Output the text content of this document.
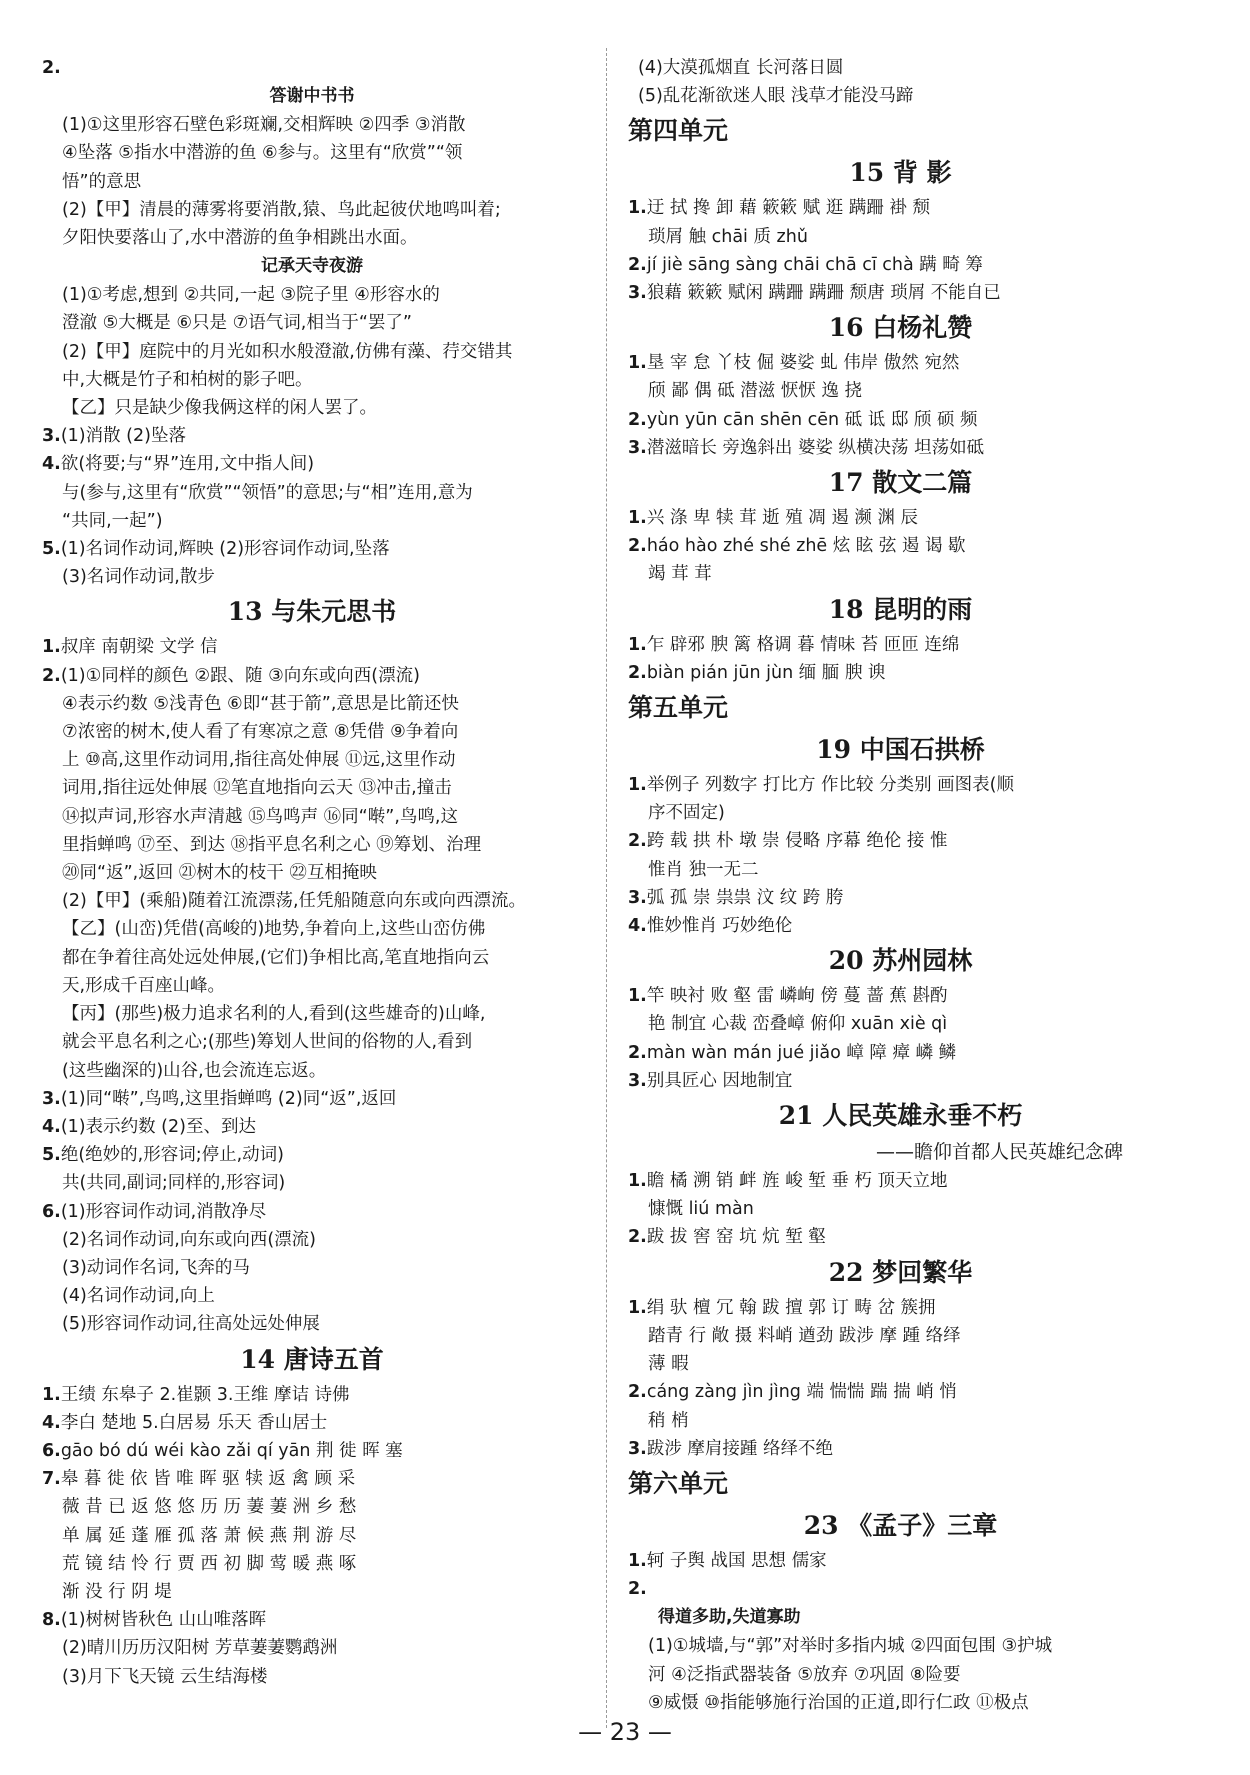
2.
答谢中书书
(1)①这里形容石壁色彩斑斓,交相辉映 ②四季 ③消散
④坠落 ⑤指水中潜游的鱼 ⑥参与。这里有“欣赏”“领
悟”的意思
(2)【甲】清晨的薄雾将要消散,猿、鸟此起彼伏地鸣叫着;
夕阳快要落山了,水中潜游的鱼争相跳出水面。
记承天寺夜游
(1)①考虑,想到 ②共同,一起 ③院子里 ④形容水的
澄澈 ⑤大概是 ⑥只是 ⑦语气词,相当于“罢了”
(2)【甲】庭院中的月光如积水般澄澈,仿佛有藻、荇交错其
中,大概是竹子和柏树的影子吧。
【乙】只是缺少像我俩这样的闲人罢了。
3.(1)消散 (2)坠落
4.欲(将要;与“界”连用,文中指人间)
与(参与,这里有“欣赏”“领悟”的意思;与“相”连用,意为
“共同,一起”)
5.(1)名词作动词,辉映 (2)形容词作动词,坠落
(3)名词作动词,散步
13 与朱元思书
1.叔庠 南朝梁 文学 信
2.(1)①同样的颜色 ②跟、随 ③向东或向西(漂流)
④表示约数 ⑤浅青色 ⑥即“甚于箭”,意思是比箭还快
⑦浓密的树木,使人看了有寒凉之意 ⑧凭借 ⑨争着向
上 ⑩高,这里作动词用,指往高处伸展 ⑪远,这里作动
词用,指往远处伸展 ⑫笔直地指向云天 ⑬冲击,撞击
⑭拟声词,形容水声清越 ⑮鸟鸣声 ⑯同“啭”,鸟鸣,这
里指蝉鸣 ⑰至、到达 ⑱指平息名利之心 ⑲筹划、治理
⑳同“返”,返回 ㉑树木的枝干 ㉒互相掩映
(2)【甲】(乘船)随着江流漂荡,任凭船随意向东或向西漂流。
【乙】(山峦)凭借(高峻的)地势,争着向上,这些山峦仿佛
都在争着往高处远处伸展,(它们)争相比高,笔直地指向云
天,形成千百座山峰。
【丙】(那些)极力追求名利的人,看到(这些雄奇的)山峰,
就会平息名利之心;(那些)筹划人世间的俗物的人,看到
(这些幽深的)山谷,也会流连忘返。
3.(1)同“啭”,鸟鸣,这里指蝉鸣 (2)同“返”,返回
4.(1)表示约数 (2)至、到达
5.绝(绝妙的,形容词;停止,动词)
共(共同,副词;同样的,形容词)
6.(1)形容词作动词,消散净尽
(2)名词作动词,向东或向西(漂流)
(3)动词作名词,飞奔的马
(4)名词作动词,向上
(5)形容词作动词,往高处远处伸展
14 唐诗五首
1.王绩 东皋子 2.崔颢 3.王维 摩诘 诗佛
4.李白 楚地 5.白居易 乐天 香山居士
6.gāo bó dú wéi kào zǎi qí yān 荆 徙 晖 塞
7.皋 暮 徙 依 皆 唯 晖 驱 犊 返 禽 顾 采
薇 昔 已 返 悠 悠 历 历 萋 萋 洲 乡 愁
单 属 延 蓬 雁 孤 落 萧 候 燕 荆 游 尽
荒 镜 结 怜 行 贾 西 初 脚 莺 暖 燕 啄
渐 没 行 阴 堤
8.(1)树树皆秋色 山山唯落晖
(2)晴川历历汉阳树 芳草萋萋鹦鹉洲
(3)月下飞天镜 云生结海楼
(4)大漠孤烟直 长河落日圆
(5)乱花渐欲迷人眼 浅草才能没马蹄
第四单元
15 背 影
1.迂 拭 搀 卸 藉 簌簌 赋 逛 蹒跚 褂 颓
琐屑 触 chāi 质 zhǔ
2.jí jiè sāng sàng chāi chā cī chà 蹒 畸 筹
3.狼藉 簌簌 赋闲 蹒跚 蹒跚 颓唐 琐屑 不能自已
16 白杨礼赞
1.垦 宰 怠 丫枝 倔 婆娑 虬 伟岸 傲然 宛然
颀 鄙 偶 砥 潜滋 恹恹 逸 挠
2.yùn yūn cān shēn cēn 砥 诋 邸 颀 硕 频
3.潜滋暗长 旁逸斜出 婆娑 纵横决荡 坦荡如砥
17 散文二篇
1.兴 涤 卑 犊 茸 逝 殖 凋 遏 濒 渊 辰
2.háo hào zhé shé zhē 炫 眩 弦 遏 谒 歇
竭 茸 茸
18 昆明的雨
1.乍 辟邪 腴 篱 格调 暮 情味 苔 匝匝 连绵
2.biàn pián jūn jùn 缅 腼 腴 谀
第五单元
19 中国石拱桥
1.举例子 列数字 打比方 作比较 分类别 画图表(顺
序不固定)
2.跨 载 拱 朴 墩 崇 侵略 序幕 绝伦 接 惟
惟肖 独一无二
3.弧 孤 崇 祟祟 汶 纹 跨 胯
4.惟妙惟肖 巧妙绝伦
20 苏州园林
1.竿 映衬 败 壑 雷 嶙峋 傍 蔓 蔷 蕉 斟酌
艳 制宜 心裁 峦叠嶂 俯仰 xuān xiè qì
2.màn wàn mán jué jiǎo 嶂 障 瘴 嶙 鳞
3.别具匠心 因地制宜
21 人民英雄永垂不朽
——瞻仰首都人民英雄纪念碑
1.瞻 橘 溯 销 衅 旌 峻 堑 垂 朽 顶天立地
慷慨 liú màn
2.跋 拔 窖 窑 坑 炕 堑 壑
22 梦回繁华
1.绢 驮 檀 冗 翰 跋 擅 郭 订 畴 岔 簇拥
踏青 行 敞 摄 料峭 遒劲 跋涉 摩 踵 络绎
薄 暇
2.cáng zàng jìn jìng 端 惴惴 踹 揣 峭 悄
稍 梢
3.跋涉 摩肩接踵 络绎不绝
第六单元
23 《孟子》三章
1.轲 子舆 战国 思想 儒家
2.
得道多助,失道寡助
(1)①城墙,与“郭”对举时多指内城 ②四面包围 ③护城
河 ④泛指武器装备 ⑤放弃 ⑦巩固 ⑧险要
⑨威慑 ⑩指能够施行治国的正道,即行仁政 ⑪极点
— 23 —
